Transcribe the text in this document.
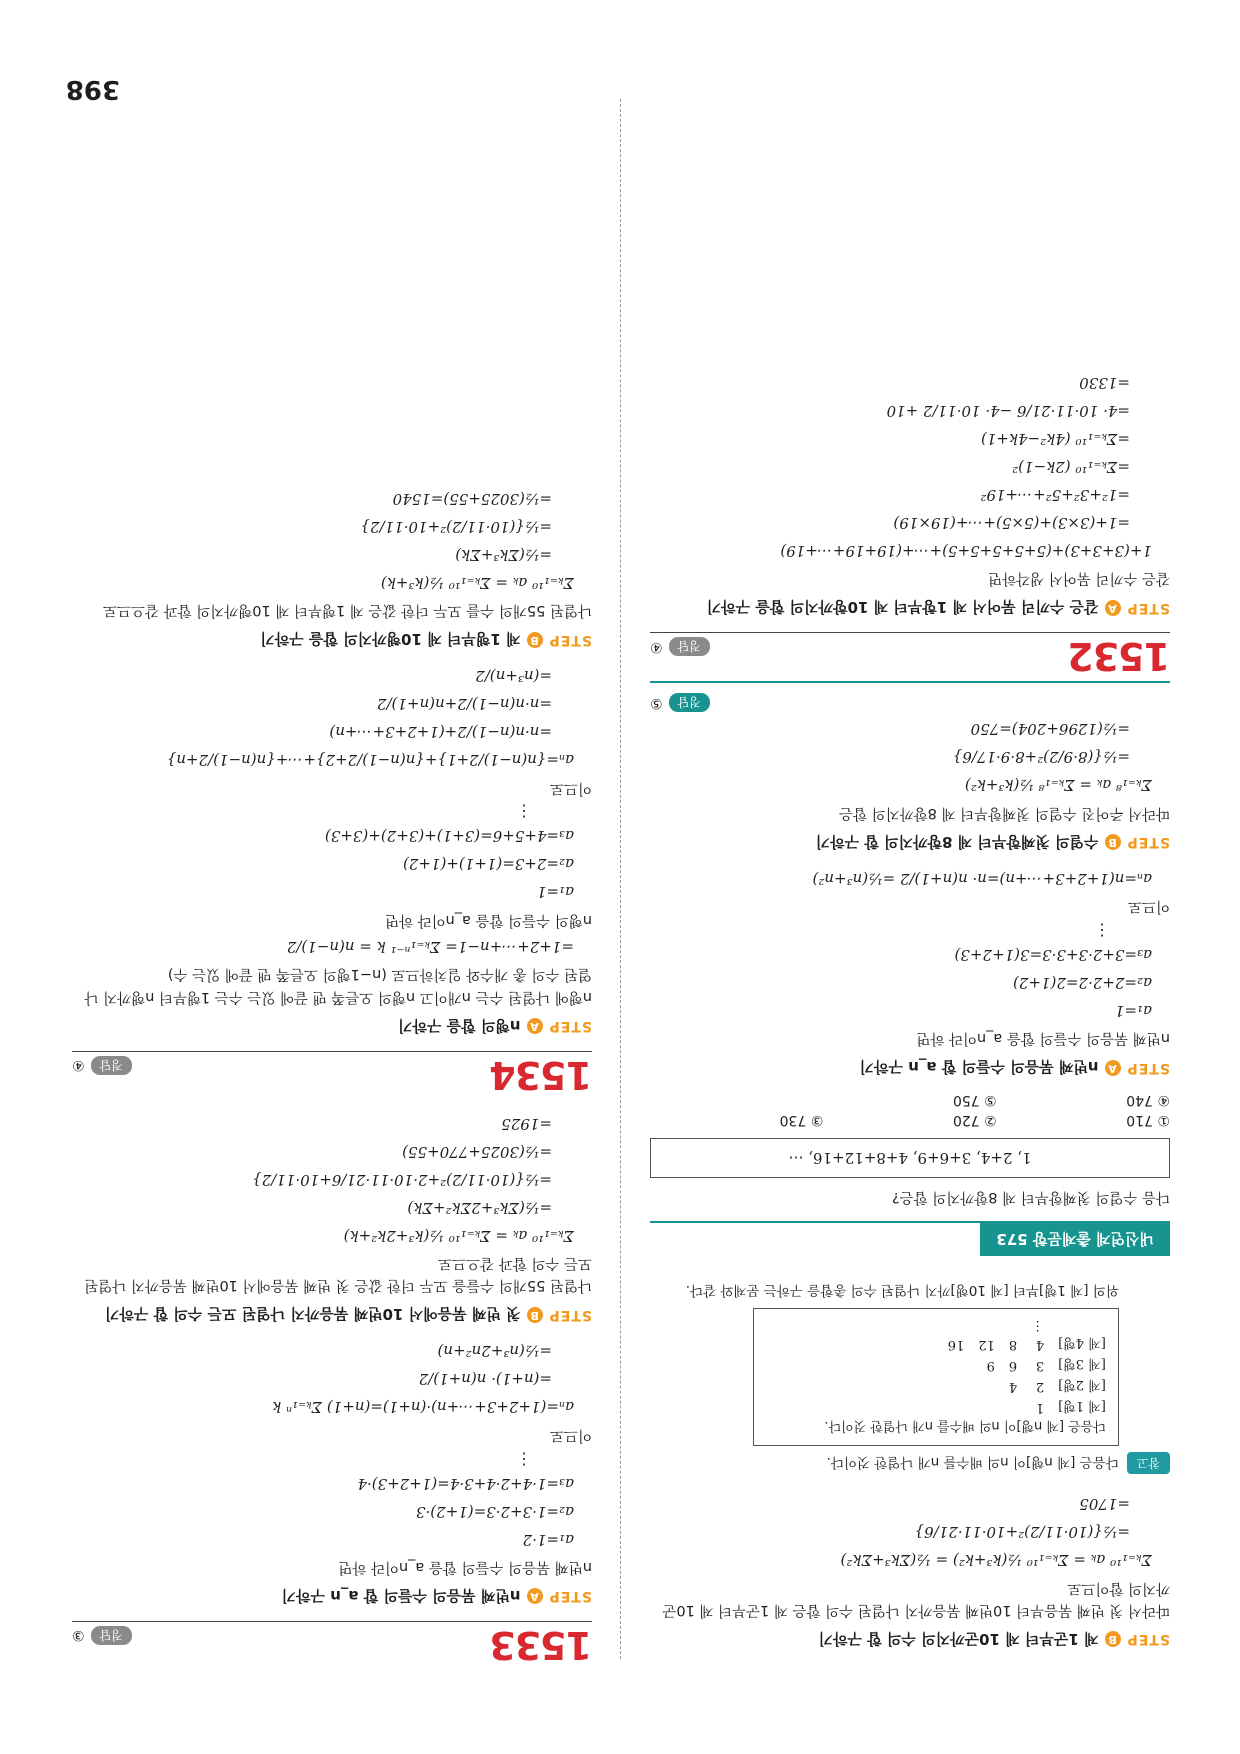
398
STEP
B
제 1군부터 제 10군까지의 수의 합 구하기
따라서 첫 번째 묶음부터 10번째 묶음까지 나열된 수의 합은 제 1군부터 제 10군 까지의 합이므로
Σₖ₌₁¹⁰ aₖ = Σₖ₌₁¹⁰ ½(k³+k²) = ½(Σk³+Σk²)
=½{(10·11/2)²+10·11·21/6}
=1705
참고
다음은 [제 n행]이 n의 배수를 n개 나열한 것이다.
다음은 [제 n행]이 n의 배수를 n개 나열한 것이다.
[제 1행]	1			
[제 2행]	2	4		
[제 3행]	3	6	9	
[제 4행]	4	8	12	16
	⋮			
위의 [제 1행]부터 [제 10행]까지 나열된 수의 총합을 구하는 문제와 같다.
내신연계 출제문항 573
다음 수열의 첫째항부터 제 8항까지의 합은?
1, 2+4, 3+6+9, 4+8+12+16, ⋯
① 710
② 720
③ 730
④ 740
⑤ 750
STEP
A
n번째 묶음의 수들의 합 a_n 구하기
n번째 묶음의 수들의 합을 a_n이라 하면
a₁=1
a₂=2+2·2=2(1+2)
a₃=3+2·3+3·3=3(1+2+3)
⋮
이므로
aₙ=n(1+2+3+⋯+n)=n· n(n+1)/2 =½(n³+n²)
STEP
B
수열의 첫째항부터 제 8항까지의 합 구하기
따라서 주어진 수열의 첫째항부터 제 8항까지의 합은
Σₖ₌₁⁸ aₖ = Σₖ₌₁⁸ ½(k³+k²)
=½{(8·9/2)²+8·9·17/6}
=½(1296+204)=750
정답
⑤
1532
정답
④
STEP
A
같은 수끼리 묶어서 제 1항부터 제 10항까지의 합을 구하기
같은 수끼리 묶어서 생각하면
1+(3+3+3)+(5+5+5+5+5)+⋯+(19+19+⋯+19)
=1+(3×3)+(5×5)+⋯+(19×19)
=1²+3²+5²+⋯+19²
=Σₖ₌₁¹⁰ (2k−1)²
=Σₖ₌₁¹⁰ (4k²−4k+1)
=4· 10·11·21/6 −4· 10·11/2 +10
=1330
1533
정답
③
STEP
A
n번째 묶음의 수들의 합 a_n 구하기
n번째 묶음의 수들의 합을 a_n이라 하면
a₁=1·2
a₂=1·3+2·3=(1+2)·3
a₃=1·4+2·4+3·4=(1+2+3)·4
⋮
이므로
aₙ=(1+2+3+⋯+n)·(n+1)=(n+1) Σₖ₌₁ⁿ k
=(n+1)· n(n+1)/2
=½(n³+2n²+n)
STEP
B
첫 번째 묶음에서 10번째 묶음까지 나열된 모든 수의 합 구하기
나열된 55개의 수들을 모두 더한 값은 첫 번째 묶음에서 10번째 묶음까지 나열된 모든 수의 합과 같으므로
Σₖ₌₁¹⁰ aₖ = Σₖ₌₁¹⁰ ½(k³+2k²+k)
=½(Σk³+2Σk²+Σk)
=½{(10·11/2)²+2·10·11·21/6+10·11/2}
=½(3025+770+55)
=1925
1534
정답
④
STEP
A
n행의 합을 구하기
n행에 나열된 수는 n개이고 n행의 오른쪽 맨 끝에 있는 수는 1행부터 n행까지 나열된 수의 총 개수와 일치하므로 (n−1행의 오른쪽 맨 끝에 있는 수)
=1+2+⋯+n−1= Σₖ₌₁ⁿ⁻¹ k = n(n−1)/2
n행의 수들의 합을 a_n이라 하면
a₁=1
a₂=2+3=(1+1)+(1+2)
a₃=4+5+6=(3+1)+(3+2)+(3+3)
⋮
이므로
aₙ={n(n−1)/2+1}+{n(n−1)/2+2}+⋯+{n(n−1)/2+n}
=n·n(n−1)/2+(1+2+3+⋯+n)
=n·n(n−1)/2+n(n+1)/2
=(n³+n)/2
STEP
B
제 1행부터 제 10행까지의 합을 구하기
나열된 55개의 수를 모두 더한 값은 제 1행부터 제 10행까지의 합과 같으므로
Σₖ₌₁¹⁰ aₖ = Σₖ₌₁¹⁰ ½(k³+k)
=½(Σk³+Σk)
=½{(10·11/2)²+10·11/2}
=½(3025+55)=1540
